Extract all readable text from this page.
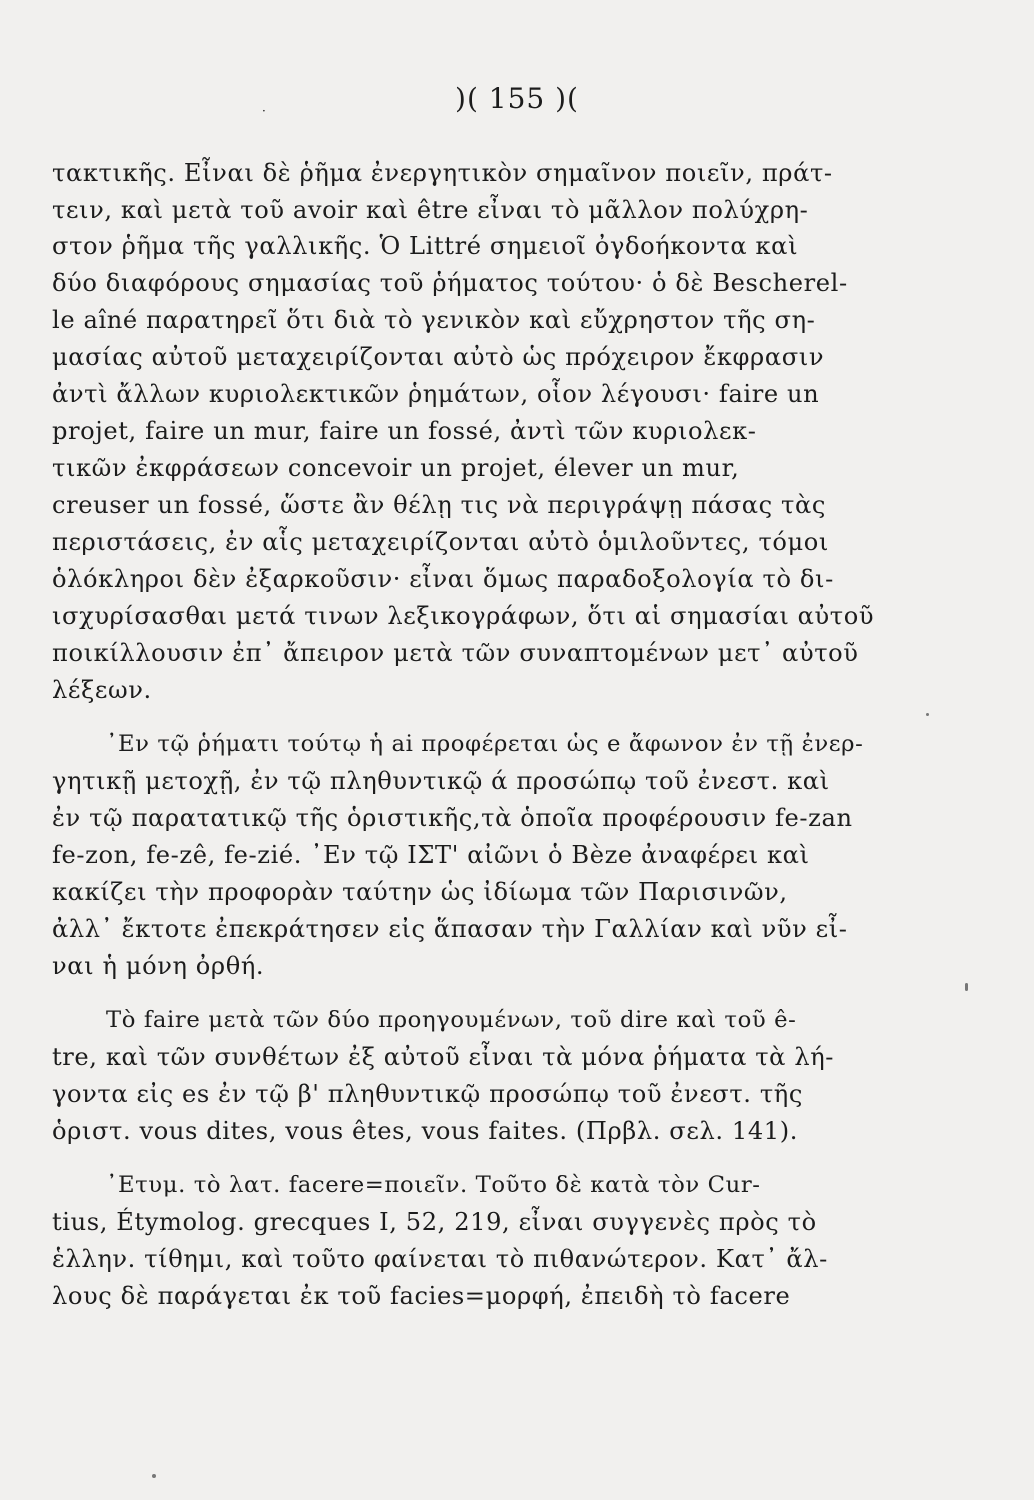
·	)( 155 )(
τακτικῆς. Εἶναι δὲ ῥῆμα ἐνεργητικὸν σημαῖνον ποιεῖν, πράτ-
τειν, καὶ μετὰ τοῦ avoir καὶ être εἶναι τὸ μᾶλλον πολύχρη-
στον ῥῆμα τῆς γαλλικῆς. Ὁ Littré σημειοῖ ὀγδοήκοντα καὶ
δύο διαφόρους σημασίας τοῦ ῥήματος τούτου· ὁ δὲ Bescherel-
le aîné παρατηρεῖ ὅτι διὰ τὸ γενικὸν καὶ εὔχρηστον τῆς ση-
μασίας αὐτοῦ μεταχειρίζονται αὐτὸ ὡς πρόχειρον ἔκφρασιν
ἀντὶ ἄλλων κυριολεκτικῶν ῥημάτων, οἷον λέγουσι· faire un
projet, faire un mur, faire un fossé, ἀντὶ τῶν κυριολεκ-
τικῶν ἐκφράσεων concevoir un projet, élever un mur,
creuser un fossé, ὥστε ἂν θέλῃ τις νὰ περιγράψῃ πάσας τὰς
περιστάσεις, ἐν αἷς μεταχειρίζονται αὐτὸ ὁμιλοῦντες, τόμοι
ὁλόκληροι δὲν ἐξαρκοῦσιν· εἶναι ὅμως παραδοξολογία τὸ δι-
ισχυρίσασθαι μετά τινων λεξικογράφων, ὅτι αἱ σημασίαι αὐτοῦ
ποικίλλουσιν ἐπ᾽ ἄπειρον μετὰ τῶν συναπτομένων μετ᾽ αὐτοῦ
λέξεων.
᾽Εν τῷ ῥήματι τούτῳ ἡ ai προφέρεται ὡς e ἄφωνον ἐν τῇ ἐνερ-
γητικῇ μετοχῇ, ἐν τῷ πληθυντικῷ ά προσώπῳ τοῦ ἐνεστ. καὶ
ἐν τῷ παρατατικῷ τῆς ὁριστικῆς,τὰ ὁποῖα προφέρουσιν fe-zan
fe-zon, fe-zê, fe-zié. ᾽Εν τῷ ΙΣΤ' αἰῶνι ὁ Bèze ἀναφέρει καὶ
κακίζει τὴν προφορὰν ταύτην ὡς ἰδίωμα τῶν Παρισινῶν,
ἀλλ᾽ ἔκτοτε ἐπεκράτησεν εἰς ἅπασαν τὴν Γαλλίαν καὶ νῦν εἶ-
ναι ἡ μόνη ὀρθή.
Τὸ faire μετὰ τῶν δύο προηγουμένων, τοῦ dire καὶ τοῦ ê-
tre, καὶ τῶν συνθέτων ἐξ αὐτοῦ εἶναι τὰ μόνα ῥήματα τὰ λή-
γοντα εἰς es ἐν τῷ β' πληθυντικῷ προσώπῳ τοῦ ἐνεστ. τῆς
ὁριστ. vous dites, vous êtes, vous faites. (Πρβλ. σελ. 141).
᾽Ετυμ. τὸ λατ. facere=ποιεῖν. Τοῦτο δὲ κατὰ τὸν Cur-
tius, Étymolog. grecques I, 52, 219, εἶναι συγγενὲς πρὸς τὸ
ἑλλην. τίθημι, καὶ τοῦτο φαίνεται τὸ πιθανώτερον. Κατ᾽ ἄλ-
λους δὲ παράγεται ἐκ τοῦ facies=μορφή, ἐπειδὴ τὸ facere
